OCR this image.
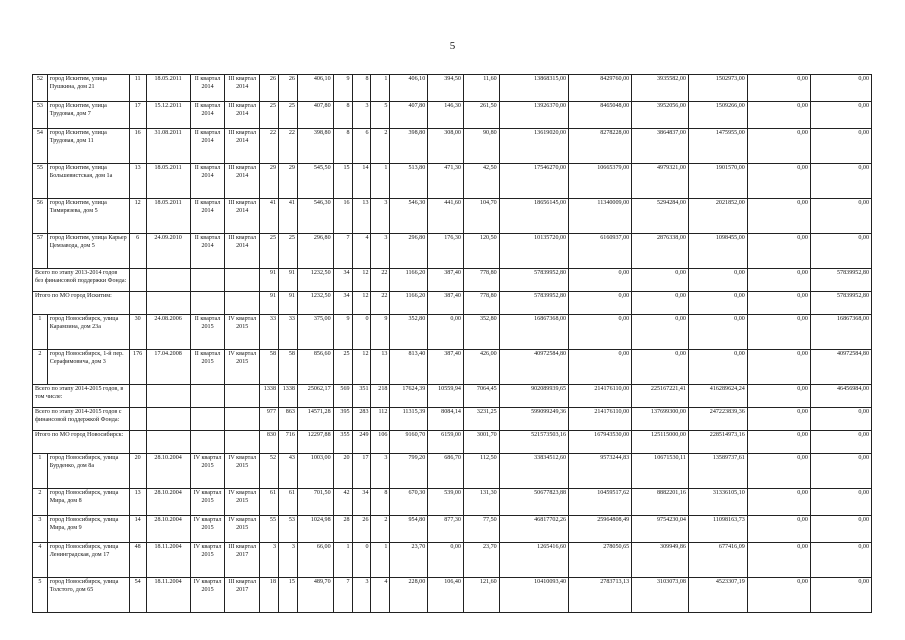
5
52	город Искитим, улица Пушкина, дом 21	11	18.05.2011	II квартал 2014	III квартал 2014	26	26	406,10	9	8	1	406,10	394,50	11,60	13868315,00	8429760,00	3935582,00	1502973,00	0,00	0,00
53	город Искитим, улица Трудовая, дом 7	17	15.12.2011	II квартал 2014	III квартал 2014	25	25	407,80	8	3	5	407,80	146,30	261,50	13926370,00	8465048,00	3952056,00	1509266,00	0,00	0,00
54	город Искитим, улица Трудовая, дом 11	16	31.08.2011	II квартал 2014	III квартал 2014	22	22	398,80	8	6	2	398,80	308,00	90,80	13619020,00	8278228,00	3864837,00	1475955,00	0,00	0,00
55	город Искитим, улица Большевистская, дом 1а	13	18.05.2011	II квартал 2014	III квартал 2014	29	29	545,50	15	14	1	513,80	471,30	42,50	17546270,00	10665379,00	4979321,00	1901570,00	0,00	0,00
56	город Искитим, улица Тимирязева, дом 5	12	18.05.2011	II квартал 2014	III квартал 2014	41	41	546,30	16	13	3	546,30	441,60	104,70	18656145,00	11340009,00	5294284,00	2021852,00	0,00	0,00
57	город Искитим, улица Карьер Цемзавода, дом 5	6	24.09.2010	II квартал 2014	III квартал 2014	25	25	296,80	7	4	3	296,80	176,30	120,50	10135720,00	6160937,00	2876338,00	1098455,00	0,00	0,00
Всего по этапу 2013-2014 годов без финансовой поддержки Фонда:						91	91	1232,50	34	12	22	1166,20	387,40	778,80	57839952,80	0,00	0,00	0,00	0,00	57839952,80
Итого по МО город Искитим:						91	91	1232,50	34	12	22	1166,20	387,40	778,80	57839952,80	0,00	0,00	0,00	0,00	57839952,80
1	город Новосибирск, улица Карамзина, дом 23а	30	24.08.2006	II квартал 2015	IV квартал 2015	33	33	375,00	9	0	9	352,80	0,00	352,80	16867368,00	0,00	0,00	0,00	0,00	16867368,00
2	город Новосибирск, 1-й пер. Серафимовича, дом 3	176	17.04.2008	II квартал 2015	IV квартал 2015	58	58	856,60	25	12	13	813,40	387,40	426,00	40972584,80	0,00	0,00	0,00	0,00	40972584,80
Всего по этапу 2014-2015 годов, в том числе:						1338	1338	25062,17	569	351	218	17624,39	10559,94	7064,45	902089939,65	214176110,00	225167221,41	416289624,24	0,00	46456984,00
Всего по этапу 2014-2015 годов с финансовой поддержкой Фонда:						977	863	14571,28	395	283	112	11315,39	8084,14	3231,25	599099249,36	214176110,00	137699300,00	247223839,36	0,00	0,00
Итого по МО город Новосибирск:						830	716	12297,88	355	249	106	9160,70	6159,00	3001,70	521573503,16	167943530,00	125115000,00	228514973,16	0,00	0,00
1	город Новосибирск, улица Бурденко, дом 8а	20	28.10.2004	IV квартал 2015	IV квартал 2015	52	43	1003,00	20	17	3	799,20	686,70	112,50	33834512,60	9573244,83	10671530,11	13589737,61	0,00	0,00
2	город Новосибирск, улица Мира, дом 8	13	28.10.2004	IV квартал 2015	IV квартал 2015	61	61	701,50	42	34	8	670,30	539,00	131,30	50677823,88	10459517,62	8882201,16	31336105,10	0,00	0,00
3	город Новосибирск, улица Мира, дом 9	14	28.10.2004	IV квартал 2015	IV квартал 2015	55	53	1024,98	28	26	2	954,80	877,30	77,50	46817702,26	25964808,49	9754230,04	11098163,73	0,00	0,00
4	город Новосибирск, улица Ленинградская, дом 17	48	18.11.2004	IV квартал 2015	III квартал 2017	3	3	66,00	1	0	1	23,70	0,00	23,70	1265416,60	278050,65	309949,86	677416,09	0,00	0,00
5	город Новосибирск, улица Толстого, дом 65	54	18.11.2004	IV квартал 2015	III квартал 2017	18	15	489,70	7	3	4	228,00	106,40	121,60	10410093,40	2783713,13	3103073,08	4523307,19	0,00	0,00
